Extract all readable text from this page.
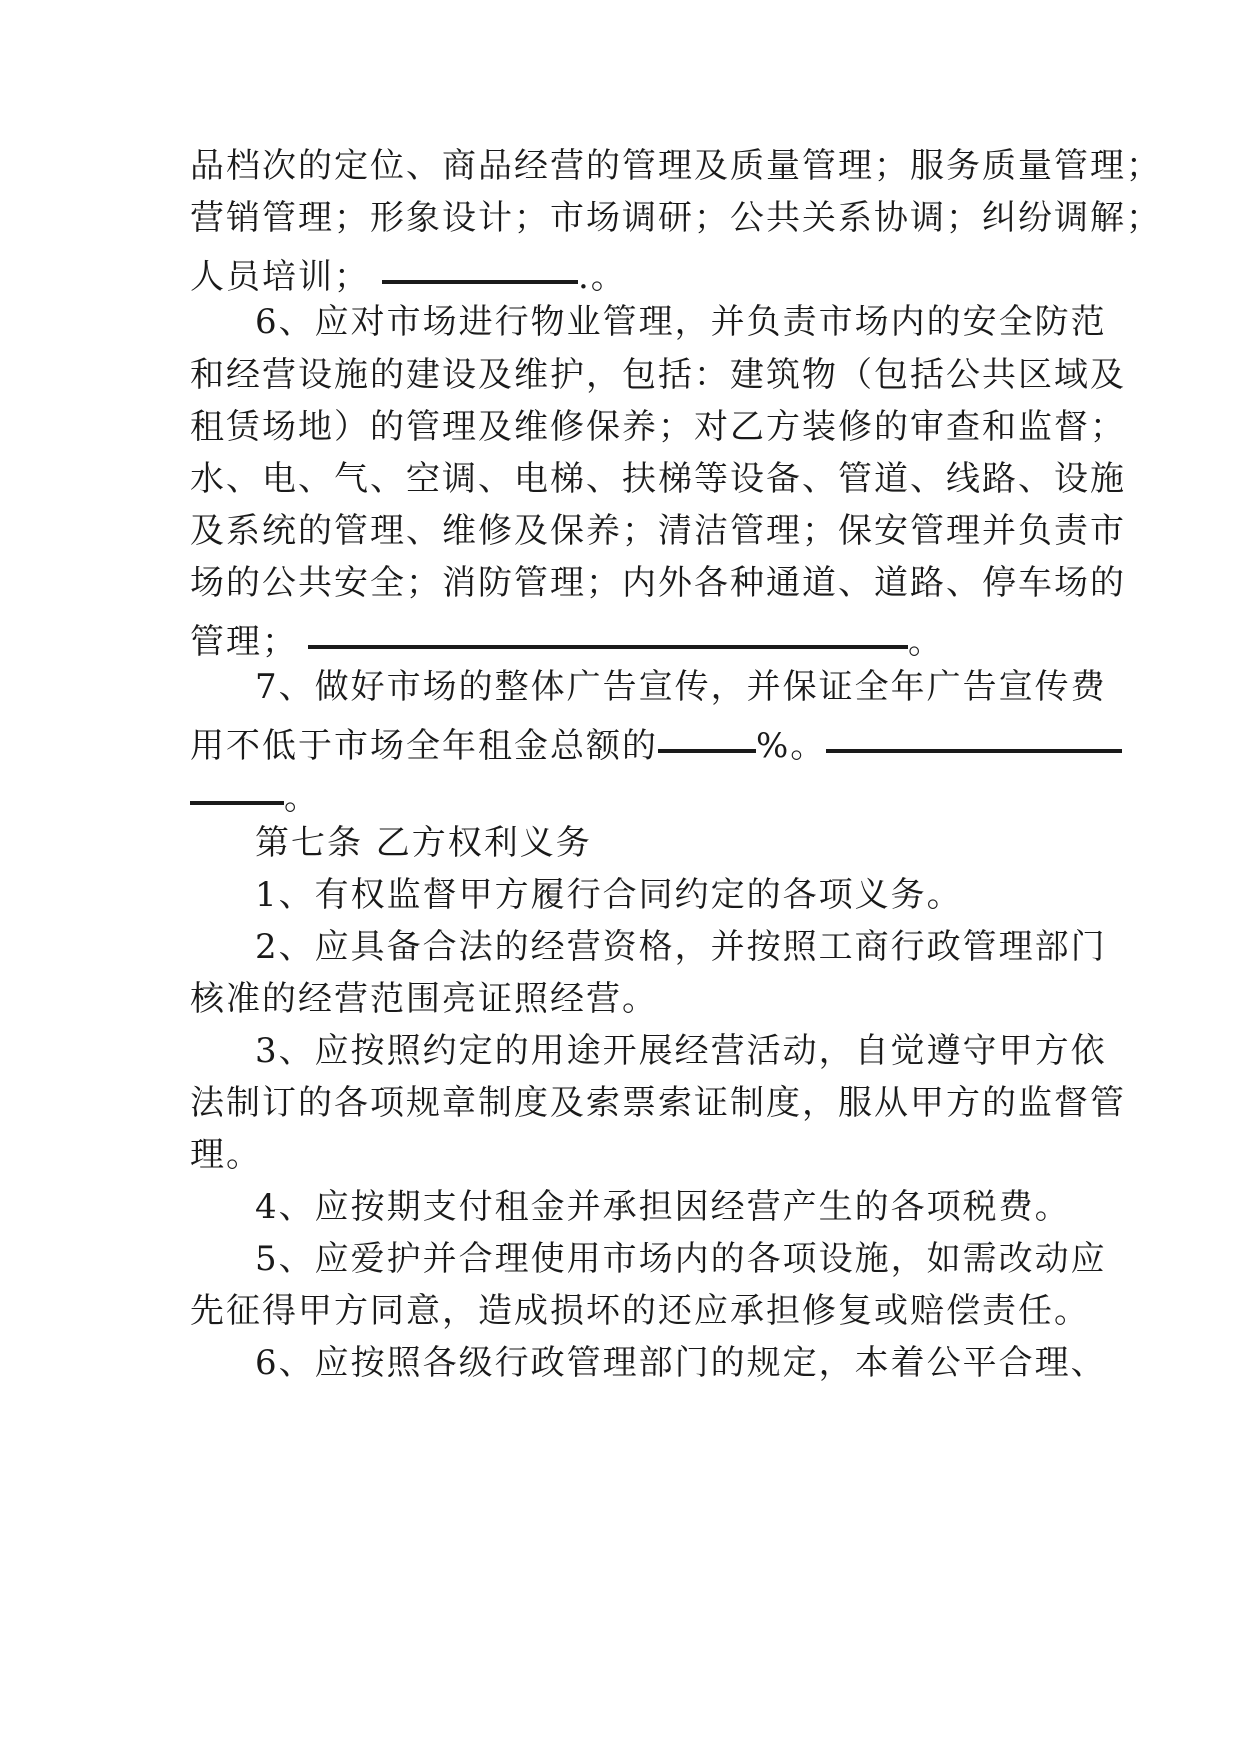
品档次的定位、商品经营的管理及质量管理；服务质量管理；
营销管理；形象设计；市场调研；公共关系协调；纠纷调解；
人员培训；	.。
6、应对市场进行物业管理，并负责市场内的安全防范
和经营设施的建设及维护，包括：建筑物（包括公共区域及
租赁场地）的管理及维修保养；对乙方装修的审查和监督；
水、电、气、空调、电梯、扶梯等设备、管道、线路、设施
及系统的管理、维修及保养；清洁管理；保安管理并负责市
场的公共安全；消防管理；内外各种通道、道路、停车场的
管理；	。
7、做好市场的整体广告宣传，并保证全年广告宣传费
用不低于市场全年租金总额的	%。
。
第七条 乙方权利义务
1、有权监督甲方履行合同约定的各项义务。
2、应具备合法的经营资格，并按照工商行政管理部门
核准的经营范围亮证照经营。
3、应按照约定的用途开展经营活动，自觉遵守甲方依
法制订的各项规章制度及索票索证制度，服从甲方的监督管
理。
4、应按期支付租金并承担因经营产生的各项税费。
5、应爱护并合理使用市场内的各项设施，如需改动应
先征得甲方同意，造成损坏的还应承担修复或赔偿责任。
6、应按照各级行政管理部门的规定，本着公平合理、
